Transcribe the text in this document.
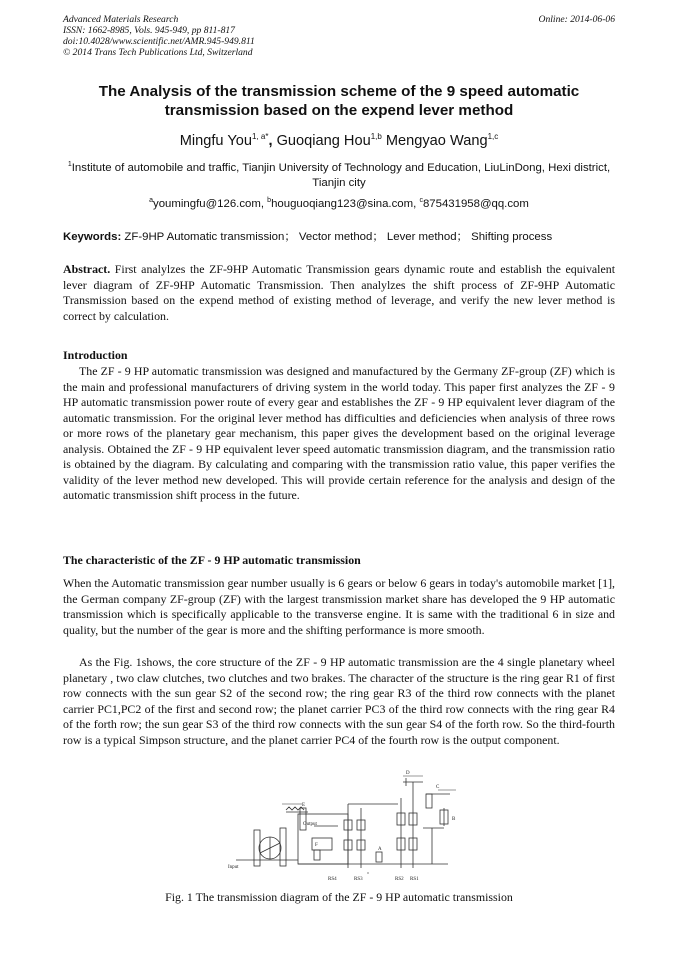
Advanced Materials Research
ISSN: 1662-8985, Vols. 945-949, pp 811-817
doi:10.4028/www.scientific.net/AMR.945-949.811
© 2014 Trans Tech Publications Ltd, Switzerland
Online: 2014-06-06
The Analysis of the transmission scheme of the 9 speed automatic transmission based on the expend lever method
Mingfu You$^{1, a*}$, Guoqiang Hou$^{1,b}$ Mengyao Wang$^{1,c}$
$^1$Institute of automobile and traffic, Tianjin University of Technology and Education, LiuLinDong, Hexi district, Tianjin city
$^a$youmingfu@126.com, $^b$houguoqiang123@sina.com, $^c$875431958@qq.com
Keywords: ZF-9HP Automatic transmission； Vector method； Lever method； Shifting process
Abstract. First analylzes the ZF-9HP Automatic Transmission gears dynamic route and establish the equivalent lever diagram of ZF-9HP Automatic Transmission. Then analylzes the shift process of ZF-9HP Automatic Transmission based on the expend method of existing method of leverage, and verify the new lever method is correct by calculation.
Introduction
The ZF - 9 HP automatic transmission was designed and manufactured by the Germany ZF-group (ZF) which is the main and professional manufacturers of driving system in the world today. This paper first analyzes the ZF - 9 HP automatic transmission power route of every gear and establishes the ZF - 9 HP equivalent lever diagram of the automatic transmission. For the original lever method has difficulties and deficiencies when analysis of three rows or more rows of the planetary gear mechanism, this paper gives the development based on the original leverage analysis. Obtained the ZF - 9 HP equivalent lever speed automatic transmission diagram, and the transmission ratio is obtained by the diagram. By calculating and comparing with the transmission ratio value, this paper verifies the validity of the lever method new developed. This will provide certain reference for the analysis and design of the automatic transmission shift process in the future.
The characteristic of the ZF - 9 HP automatic transmission
When the Automatic transmission gear number usually is 6 gears or below 6 gears in today's automobile market [1], the German company ZF-group (ZF) with the largest transmission market share has developed the 9 HP automatic transmission which is specifically applicable to the transverse engine. It is same with the traditional 6 in size and quality, but the number of the gear is more and the shifting performance is more smooth.
As the Fig. 1shows, the core structure of the ZF - 9 HP automatic transmission are the 4 single planetary wheel planetary , two claw clutches, two clutches and two brakes. The character of the structure is the ring gear R1 of first row connects with the sun gear S2 of the second row; the ring gear R3 of the third row connects with the planet carrier PC1,PC2 of the first and second row; the planet carrier PC3 of the third row connects with the ring gear R4 of the forth row; the sun gear S3 of the third row connects with the sun gear S4 of the forth row. So the third-fourth row is a typical Simpson structure, and the planet carrier PC4 of the fourth row is the output component.
D
C
B
E
F
A
Output
Input
RS4	RS3	RS2 RS1
Fig. 1 The transmission diagram of the ZF - 9 HP automatic transmission
